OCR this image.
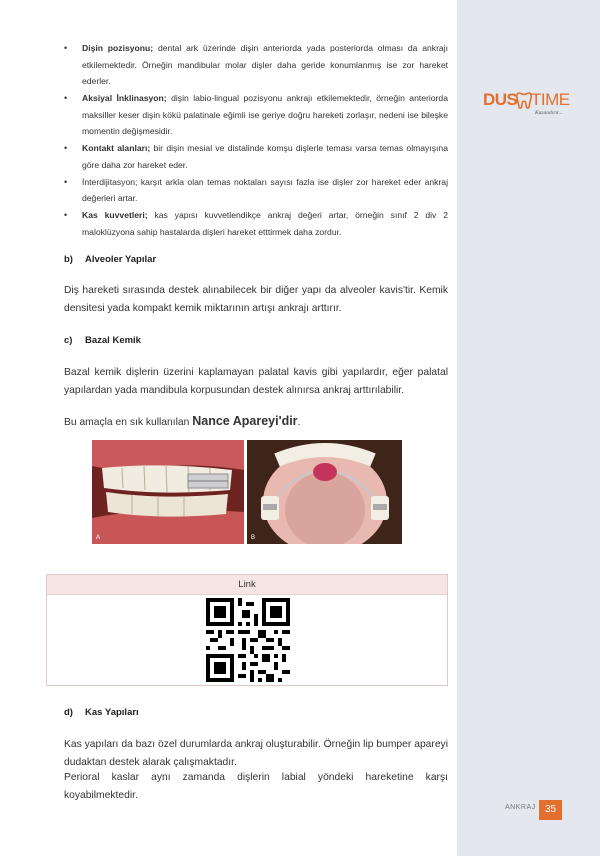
DUS TIME
Kazandırır...
• Dişin pozisyonu; dental ark üzerinde dişin anteriorda yada posteriorda olması da ankrajı etkilemektedir. Örneğin mandibular molar dişler daha geride konumlanmış ise zor hareket ederler.
• Aksiyal İnklinasyon; dişin labio-lingual pozisyonu ankrajı etkilemektedir, örneğin anteriorda maksiller keser dişin kökü palatinale eğimli ise geriye doğru hareketi zorlaşır, nedeni ise bileşke momentin değişmesidir.
• Kontakt alanları; bir dişin mesial ve distalinde komşu dişlerle teması varsa temas olmayışına göre daha zor hareket eder.
• İnterdijitasyon; karşıt arkla olan temas noktaları sayısı fazla ise dişler zor hareket eder ankraj değerleri artar.
• Kas kuvvetleri; kas yapısı kuvvetlendikçe ankraj değeri artar, örneğin sınıf 2 div 2 maloklüzyona sahip hastalarda dişleri hareket etttirmek daha zordur.
b) Alveoler Yapılar

Diş hareketi sırasında destek alınabilecek bir diğer yapı da alveoler kavis'tir. Kemik densitesi yada kompakt kemik miktarının artışı ankrajı arttırır.

c) Bazal Kemik

Bazal kemik dişlerin üzerini kaplamayan palatal kavis gibi yapılardır, eğer palatal yapılardan yada mandibula korpusundan destek alınırsa ankraj arttırılabilir.

Bu amaçla en sık kullanılan Nance Apareyi'dir.

A	B
Link
d) Kas Yapıları

Kas yapıları da bazı özel durumlarda ankraj oluşturabilir. Örneğin lip bumper apareyi dudaktan destek alarak çalışmaktadır.

Perioral kaslar aynı zamanda dişlerin labial yöndeki hareketine karşı koyabilmektedir.

ANKRAJ 35
